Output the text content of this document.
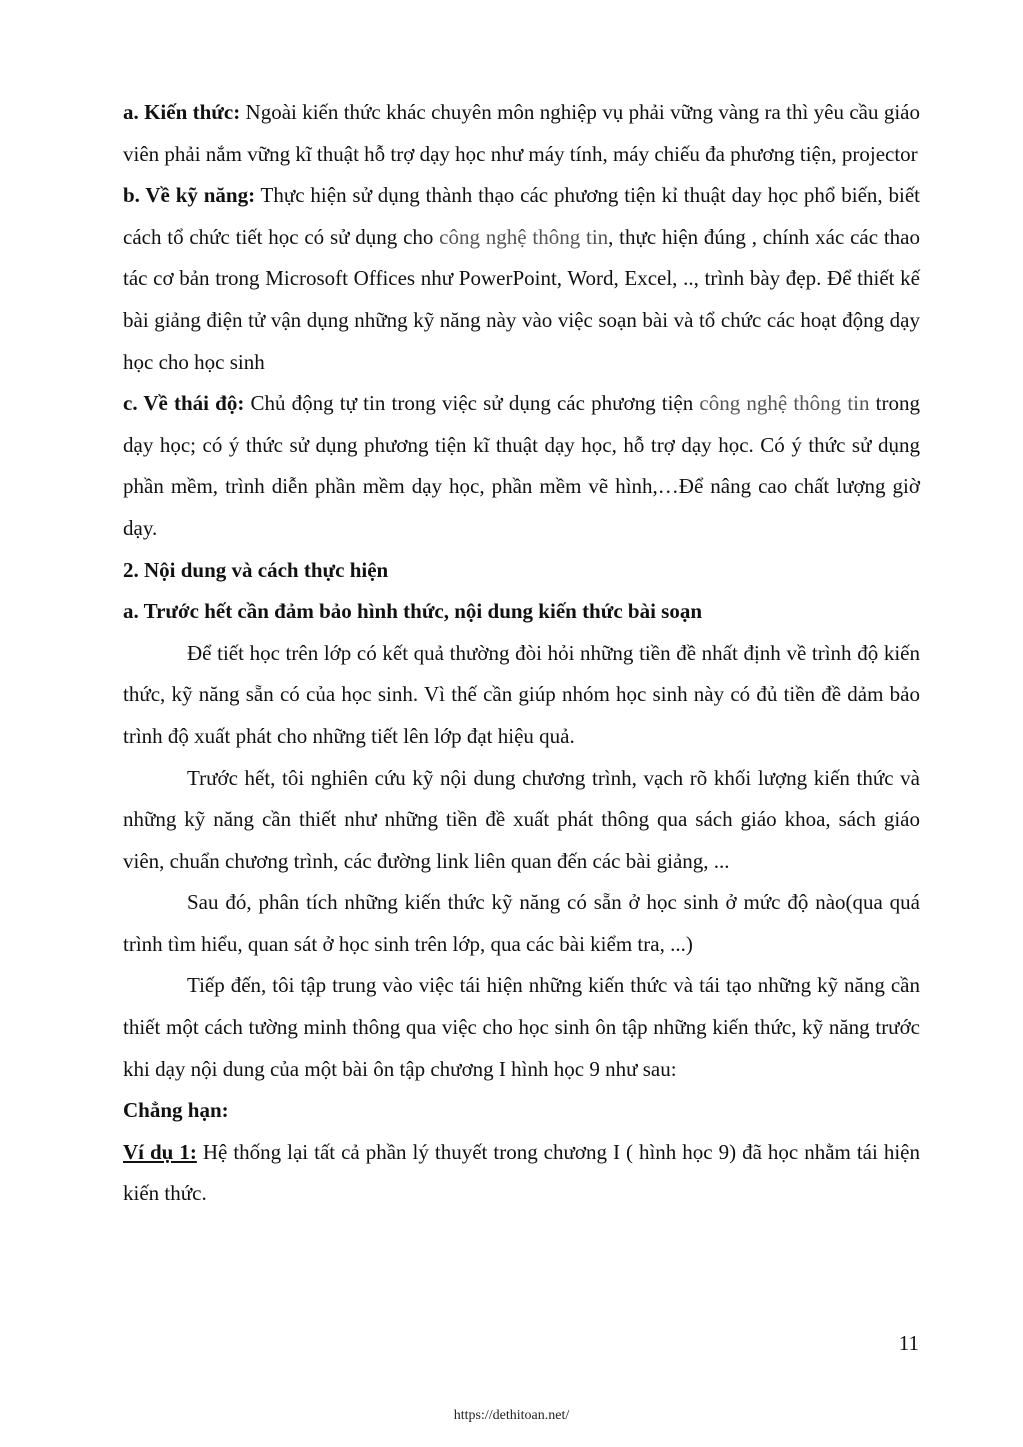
a. Kiến thức: Ngoài kiến thức khác chuyên môn nghiệp vụ phải vững vàng ra thì yêu cầu giáo viên phải nắm vững kĩ thuật hỗ trợ dạy học như máy tính, máy chiếu đa phương tiện, projector

b. Về kỹ năng: Thực hiện sử dụng thành thạo các phương tiện kỉ thuật day học phổ biến, biết cách tổ chức tiết học có sử dụng cho công nghệ thông tin, thực hiện đúng , chính xác các thao tác cơ bản trong Microsoft Offices như PowerPoint, Word, Excel, .., trình bày đẹp. Để thiết kế bài giảng điện tử vận dụng những kỹ năng này vào việc soạn bài và tổ chức các hoạt động dạy học cho học sinh

c. Về thái độ: Chủ động tự tin trong việc sử dụng các phương tiện công nghệ thông tin trong dạy học; có ý thức sử dụng phương tiện kĩ thuật dạy học, hỗ trợ dạy học. Có ý thức sử dụng phần mềm, trình diễn phần mềm dạy học, phần mềm vẽ hình,…Để nâng cao chất lượng giờ dạy.

2. Nội dung và cách thực hiện

a. Trước hết cần đảm bảo hình thức, nội dung kiến thức bài soạn

Để tiết học trên lớp có kết quả thường đòi hỏi những tiền đề nhất định về trình độ kiến thức, kỹ năng sẵn có của học sinh. Vì thế cần giúp nhóm học sinh này có đủ tiền đề dảm bảo trình độ xuất phát cho những tiết lên lớp đạt hiệu quả.

Trước hết, tôi nghiên cứu kỹ nội dung chương trình, vạch rõ khối lượng kiến thức và những kỹ năng cần thiết như những tiền đề xuất phát thông qua sách giáo khoa, sách giáo viên, chuẩn chương trình, các đường link liên quan đến các bài giảng, ...

Sau đó, phân tích những kiến thức kỹ năng có sẵn ở học sinh ở mức độ nào(qua quá trình tìm hiểu, quan sát ở học sinh trên lớp, qua các bài kiểm tra, ...)

Tiếp đến, tôi tập trung vào việc tái hiện những kiến thức và tái tạo những kỹ năng cần thiết một cách tường minh thông qua việc cho học sinh ôn tập những kiến thức, kỹ năng trước khi dạy nội dung của một bài ôn tập chương I hình học 9 như sau:

Chẳng hạn:

Ví dụ 1: Hệ thống lại tất cả phần lý thuyết trong chương I ( hình học 9) đã học nhằm tái hiện kiến thức.

11
https://dethitoan.net/
